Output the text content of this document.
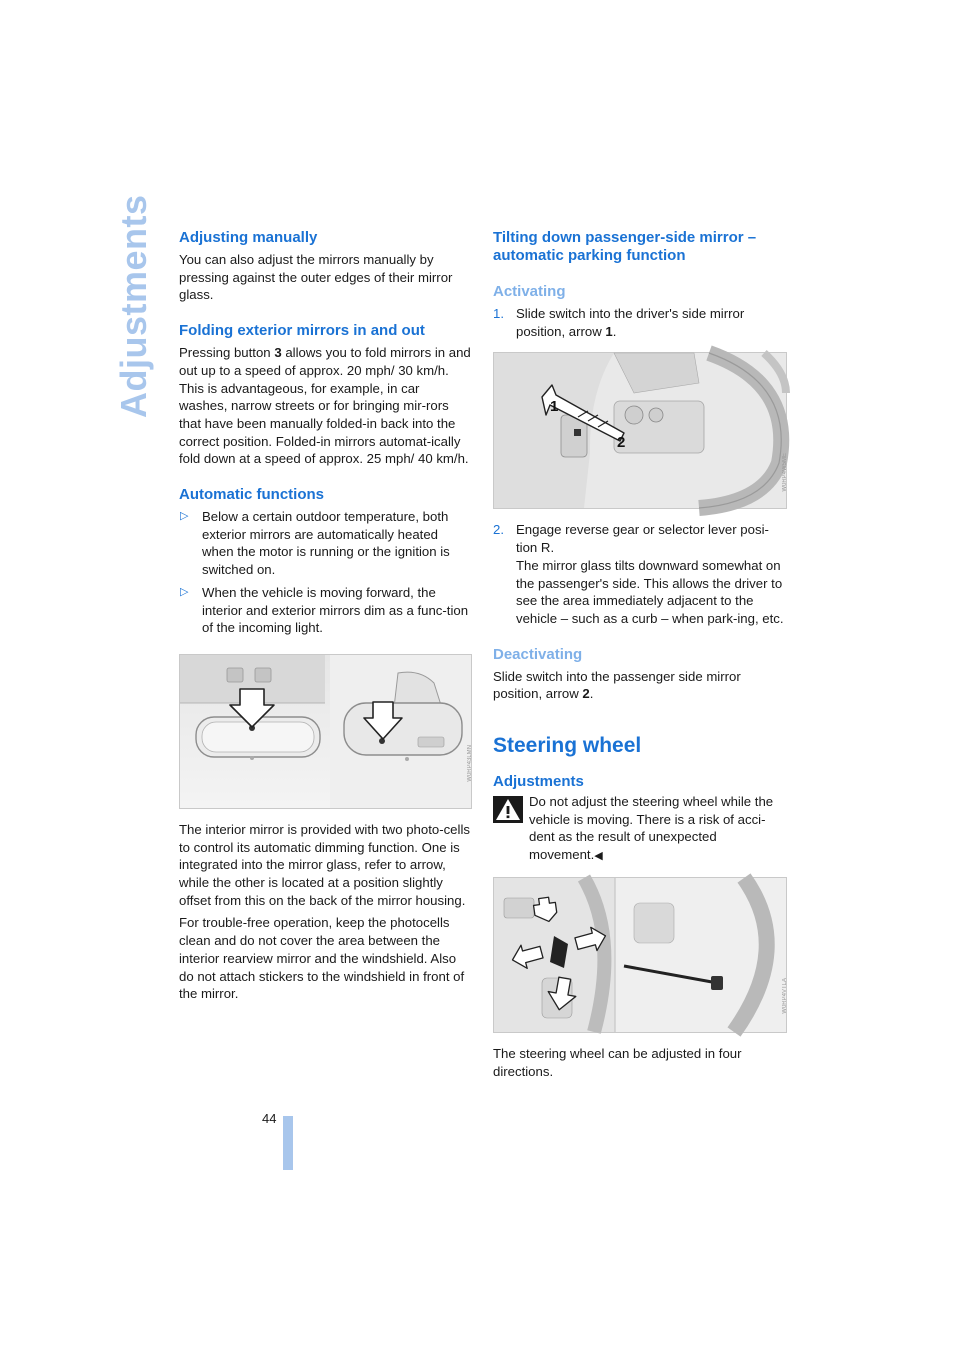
Adjustments Adjusting manually

You can also adjust the mirrors manually by pressing against the outer edges of their mirror glass.

Folding exterior mirrors in and out

Pressing button 3 allows you to fold mirrors in and out up to a speed of approx. 20 mph/ 30 km/h. This is advantageous, for example, in car washes, narrow streets or for bringing mir-rors that have been manually folded-in back into the correct position. Folded-in mirrors automat-ically fold down at a speed of approx. 25 mph/ 40 km/h.

Automatic functions
▷ Below a certain outdoor temperature, both exterior mirrors are automatically heated when the motor is running or the ignition is switched on.
▷ When the vehicle is moving forward, the interior and exterior mirrors dim as a func-tion of the incoming light.
W0RP43LMN

The interior mirror is provided with two photo-cells to control its automatic dimming function. One is integrated into the mirror glass, refer to arrow, while the other is located at a position slightly offset from this on the back of the mirror housing.

For trouble-free operation, keep the photocells clean and do not cover the area between the interior rearview mirror and the windshield. Also do not attach stickers to the windshield in front of the mirror.

Tilting down passenger-side mirror – automatic parking function
Activating
1. Slide switch into the driver's side mirror position, arrow 1.
1
2
W0RP4W5ME
2. Engage reverse gear or selector lever posi-tion R.
The mirror glass tilts downward somewhat on the passenger's side. This allows the driver to see the area immediately adjacent to the vehicle – such as a curb – when park-ing, etc.
Deactivating

Slide switch into the passenger side mirror position, arrow 2.

Steering wheel
Adjustments

Do not adjust the steering wheel while the vehicle is moving. There is a risk of acci-dent as the result of unexpected movement.◀

W0RP4VTLA

The steering wheel can be adjusted in four directions.

44
